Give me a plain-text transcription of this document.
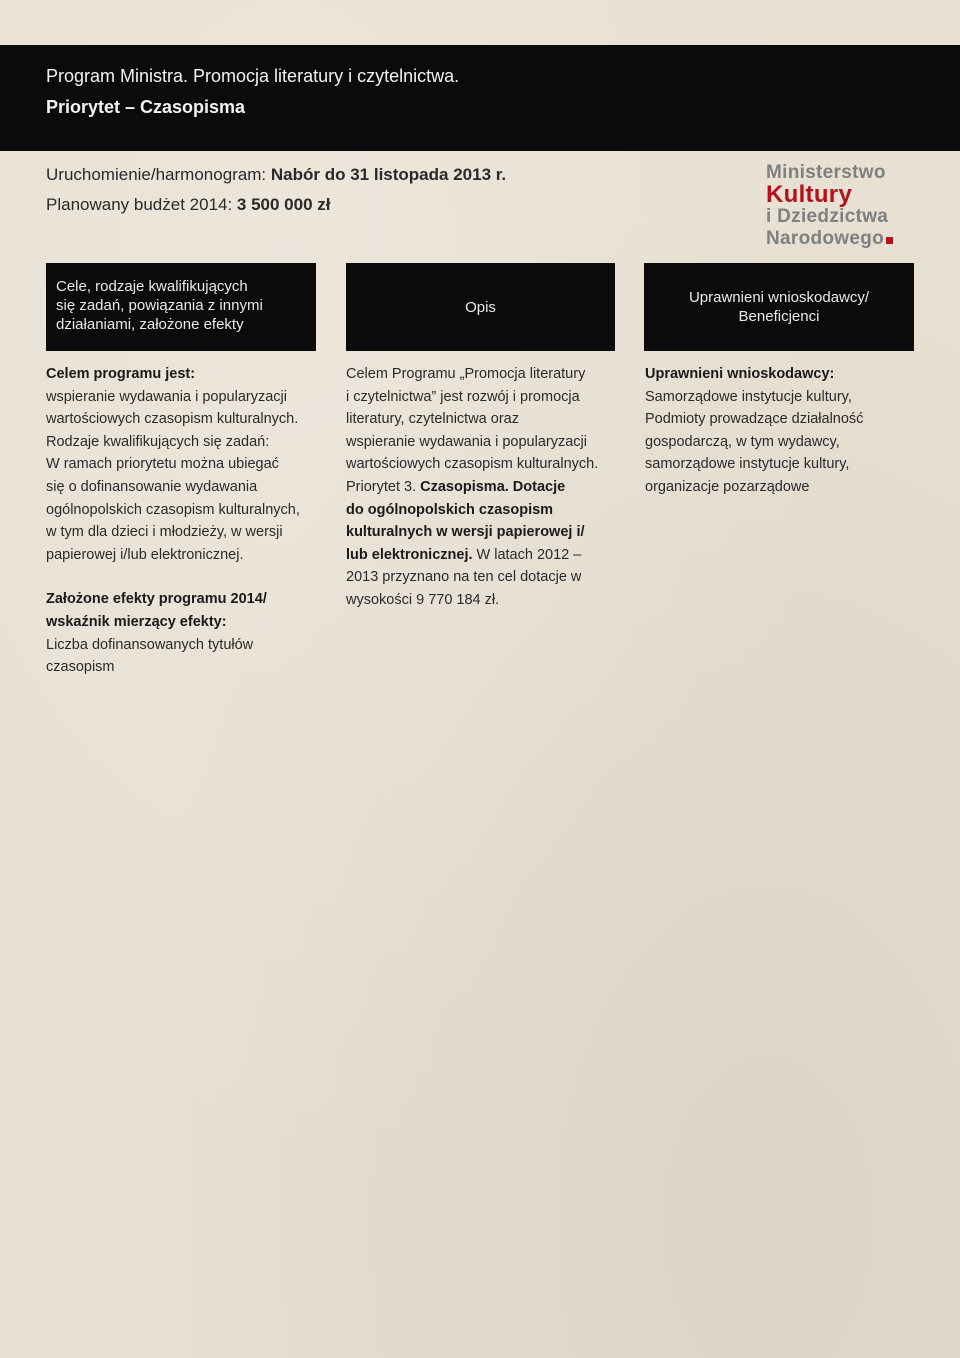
Program Ministra. Promocja literatury i czytelnictwa.
Priorytet – Czasopisma
Uruchomienie/harmonogram: Nabór do 31 listopada 2013 r.
Planowany budżet 2014: 3 500 000 zł
Ministerstwo
Kultury
i Dziedzictwa
Narodowego
Cele, rodzaje kwalifikujących
się zadań, powiązania z innymi
działaniami, założone efekty
Opis
Uprawnieni wnioskodawcy/
Beneficjenci
Celem programu jest:
wspieranie wydawania i popularyzacji
wartościowych czasopism kulturalnych.
Rodzaje kwalifikujących się zadań:
W ramach priorytetu można ubiegać
się o dofinansowanie wydawania
ogólnopolskich czasopism kulturalnych,
w tym dla dzieci i młodzieży, w wersji
papierowej i/lub elektronicznej.
Założone efekty programu 2014/
wskaźnik mierzący efekty:
Liczba dofinansowanych tytułów
czasopism
Celem Programu „Promocja literatury
i czytelnictwa” jest rozwój i promocja
literatury, czytelnictwa oraz
wspieranie wydawania i popularyzacji
wartościowych czasopism kulturalnych.
Priorytet 3. Czasopisma. Dotacje
do ogólnopolskich czasopism
kulturalnych w wersji papierowej i/
lub elektronicznej. W latach 2012 –
2013 przyznano na ten cel dotacje w
wysokości 9 770 184 zł.
Uprawnieni wnioskodawcy:
Samorządowe instytucje kultury,
Podmioty prowadzące działalność
gospodarczą, w tym wydawcy,
samorządowe instytucje kultury,
organizacje pozarządowe
